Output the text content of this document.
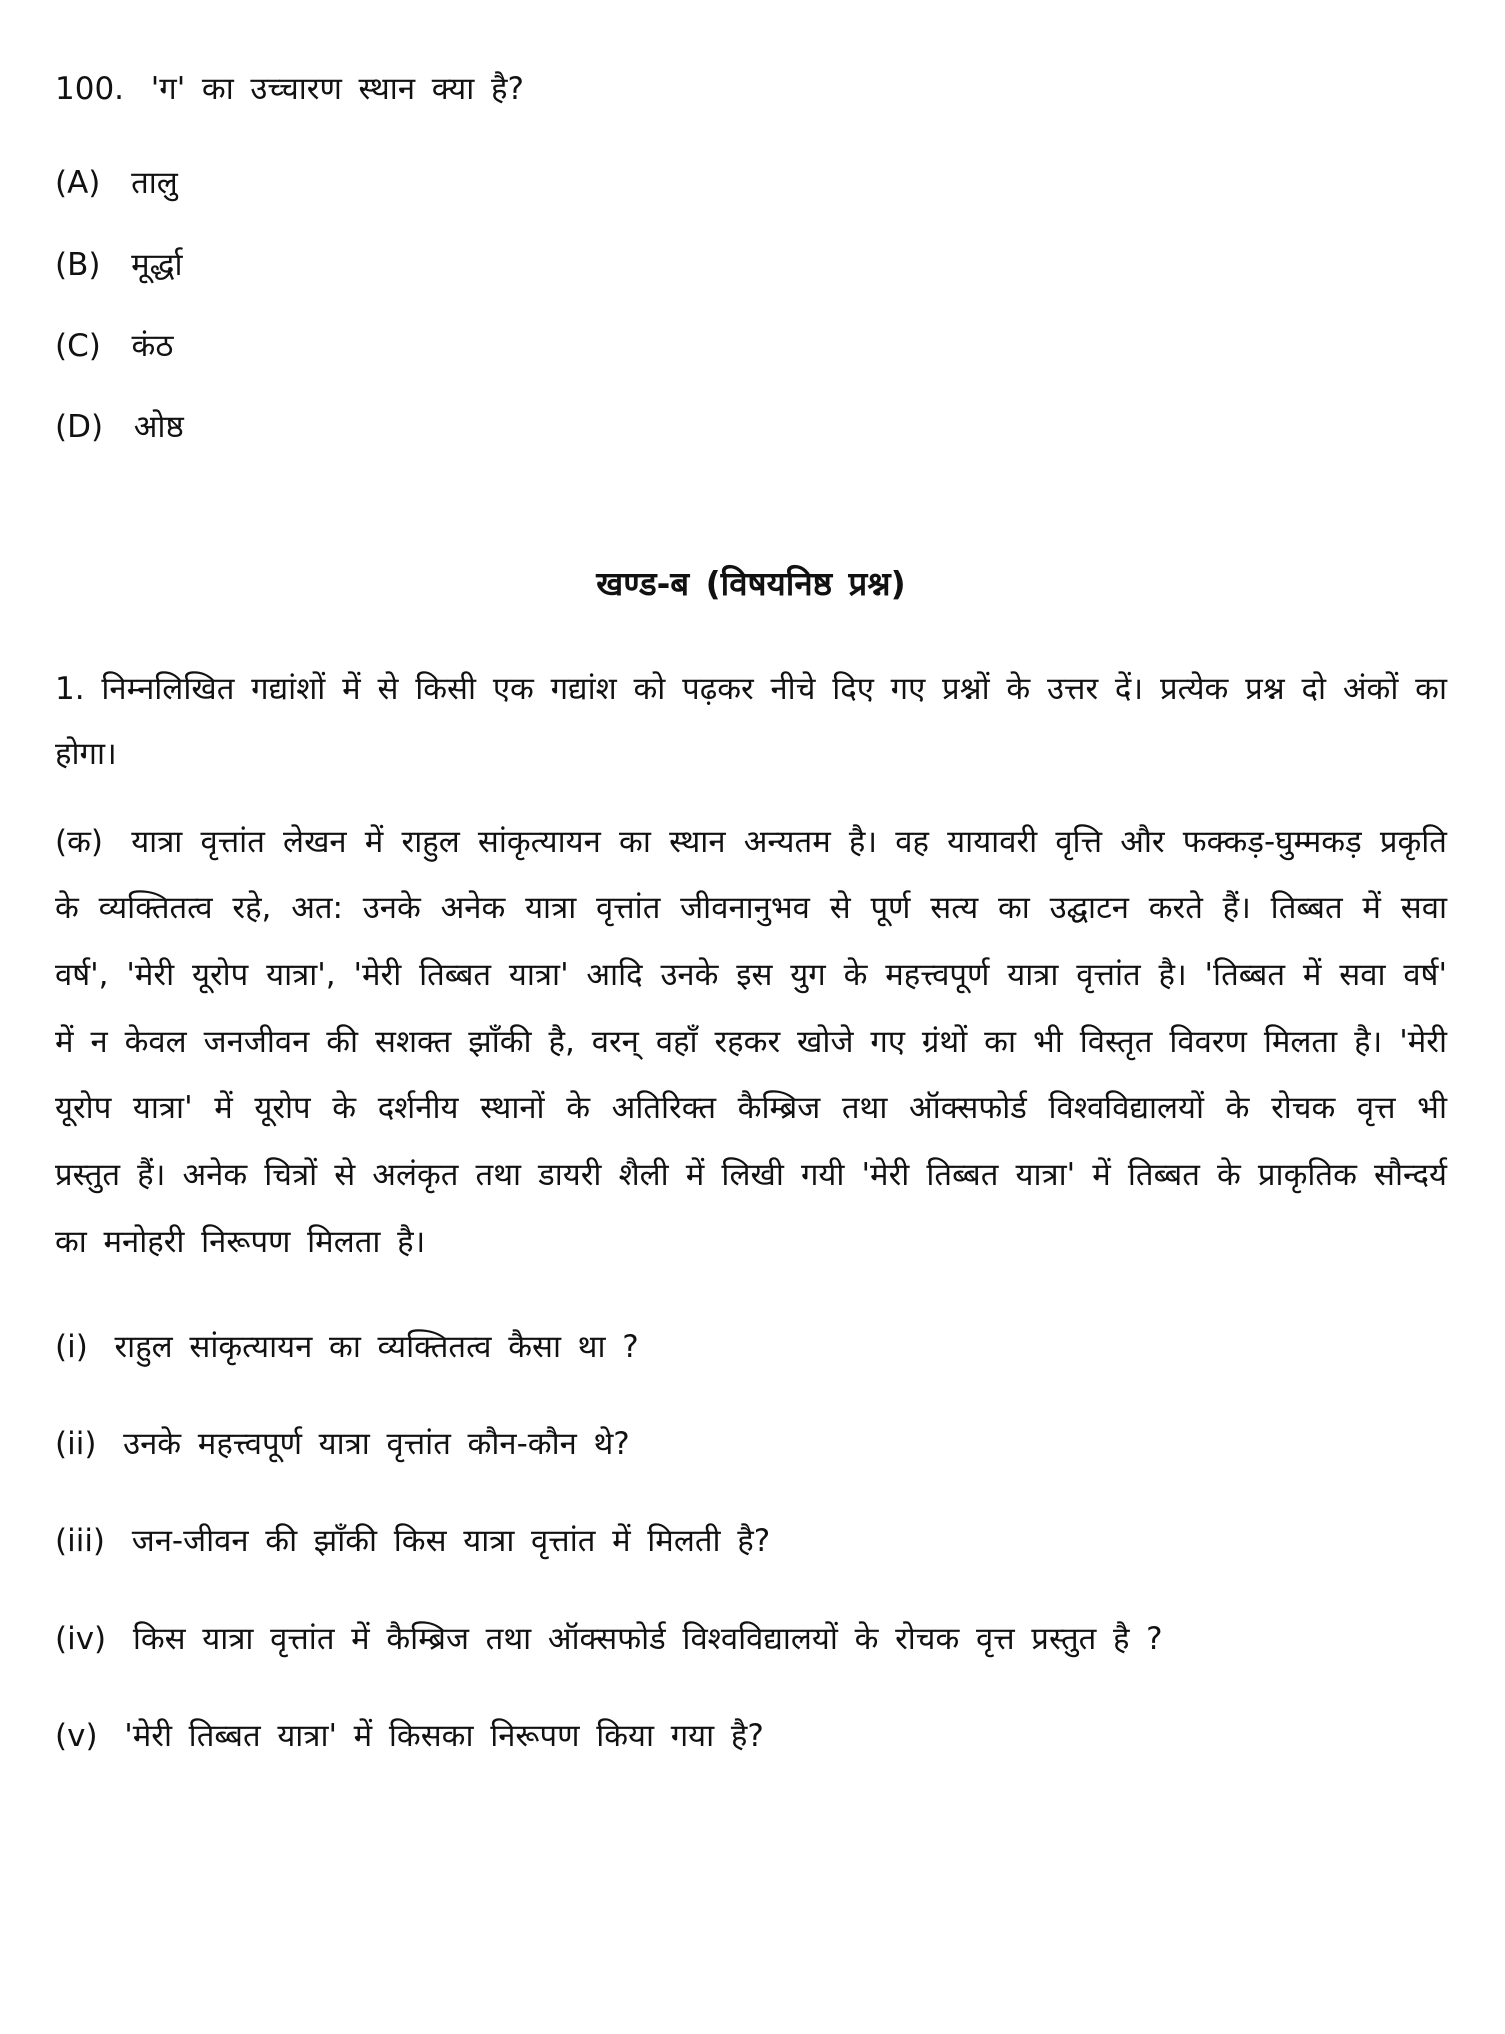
100. 'ग' का उच्चारण स्थान क्या है?
(A) तालु
(B) मूर्द्धा
(C) कंठ
(D) ओष्ठ
खण्ड-ब (विषयनिष्ठ प्रश्न)
1. निम्नलिखित गद्यांशों में से किसी एक गद्यांश को पढ़कर नीचे दिए गए प्रश्नों के उत्तर दें। प्रत्येक प्रश्न दो अंकों का होगा।
(क) यात्रा वृत्तांत लेखन में राहुल सांकृत्यायन का स्थान अन्यतम है। वह यायावरी वृत्ति और फक्कड़-घुम्मकड़ प्रकृति के व्यक्तितत्व रहे, अत: उनके अनेक यात्रा वृत्तांत जीवनानुभव से पूर्ण सत्य का उद्घाटन करते हैं। तिब्बत में सवा वर्ष', 'मेरी यूरोप यात्रा', 'मेरी तिब्बत यात्रा' आदि उनके इस युग के महत्त्वपूर्ण यात्रा वृत्तांत है। 'तिब्बत में सवा वर्ष' में न केवल जनजीवन की सशक्त झाँकी है, वरन् वहाँ रहकर खोजे गए ग्रंथों का भी विस्तृत विवरण मिलता है। 'मेरी यूरोप यात्रा' में यूरोप के दर्शनीय स्थानों के अतिरिक्त कैम्ब्रिज तथा ऑक्सफोर्ड विश्वविद्यालयों के रोचक वृत्त भी प्रस्तुत हैं। अनेक चित्रों से अलंकृत तथा डायरी शैली में लिखी गयी 'मेरी तिब्बत यात्रा' में तिब्बत के प्राकृतिक सौन्दर्य का मनोहरी निरूपण मिलता है।
(i) राहुल सांकृत्यायन का व्यक्तितत्व कैसा था ?
(ii) उनके महत्त्वपूर्ण यात्रा वृत्तांत कौन-कौन थे?
(iii) जन-जीवन की झाँकी किस यात्रा वृत्तांत में मिलती है?
(iv) किस यात्रा वृत्तांत में कैम्ब्रिज तथा ऑक्सफोर्ड विश्वविद्यालयों के रोचक वृत्त प्रस्तुत है ?
(v) 'मेरी तिब्बत यात्रा' में किसका निरूपण किया गया है?
